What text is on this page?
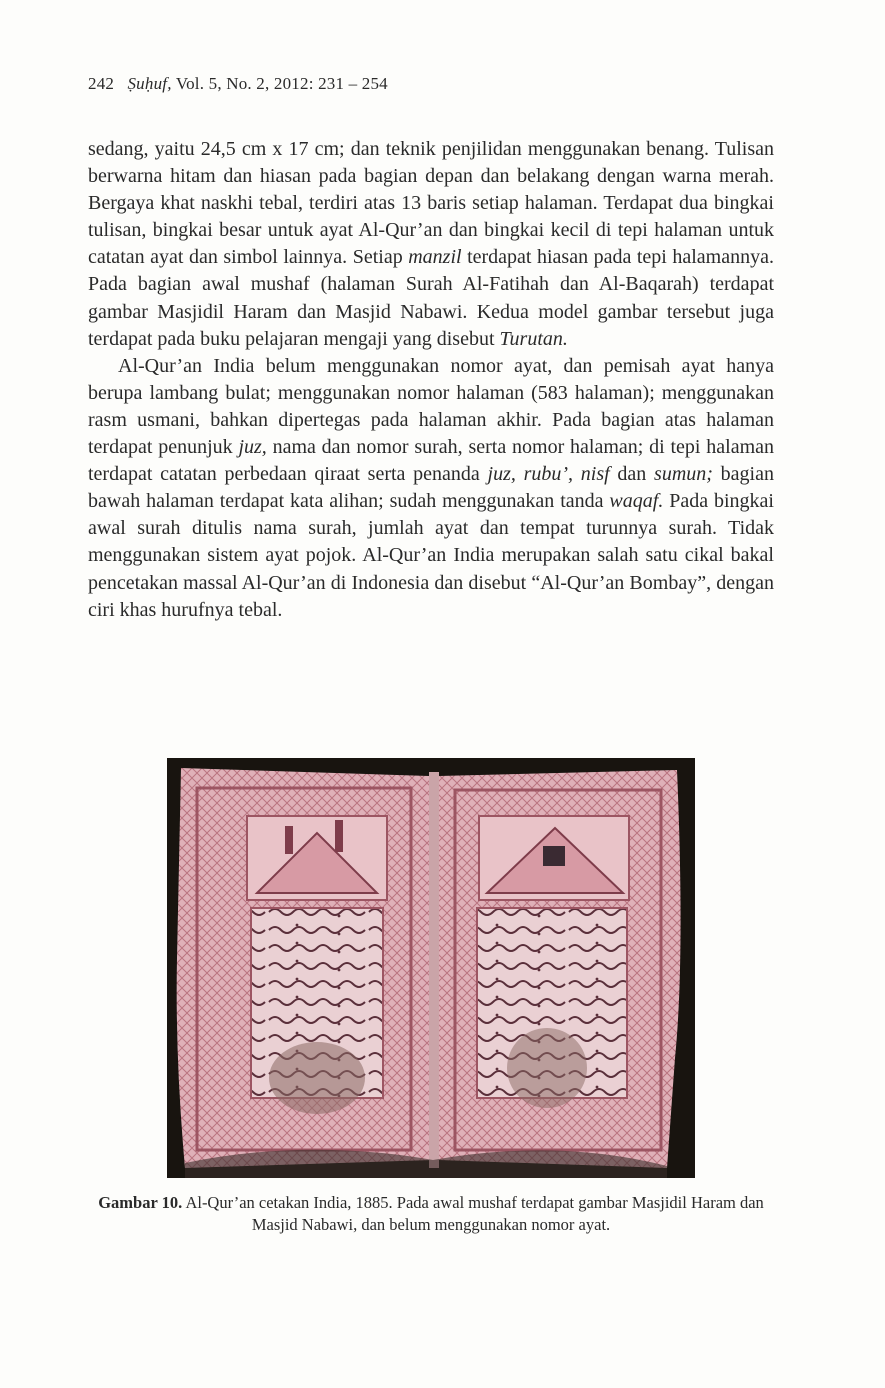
242 Ṣuḥuf, Vol. 5, No. 2, 2012: 231 – 254

sedang, yaitu 24,5 cm x 17 cm; dan teknik penjilidan menggunakan benang. Tulisan berwarna hitam dan hiasan pada bagian depan dan belakang dengan warna merah. Bergaya khat naskhi tebal, terdiri atas 13 baris setiap halaman. Terdapat dua bingkai tulisan, bingkai besar untuk ayat Al-Qur’an dan bingkai kecil di tepi halaman untuk catatan ayat dan simbol lainnya. Setiap manzil terdapat hiasan pada tepi halamannya. Pada bagian awal mushaf (halaman Surah Al-Fatihah dan Al-Baqarah) terdapat gambar Masjidil Haram dan Masjid Nabawi. Kedua model gambar tersebut juga terdapat pada buku pelajaran mengaji yang disebut Turutan.

Al-Qur’an India belum menggunakan nomor ayat, dan pemisah ayat hanya berupa lambang bulat; menggunakan nomor halaman (583 halaman); menggunakan rasm usmani, bahkan dipertegas pada halaman akhir. Pada bagian atas halaman terdapat penunjuk juz, nama dan nomor surah, serta nomor halaman; di tepi halaman terdapat catatan perbedaan qiraat serta penanda juz, rubu’, nisf dan sumun; bagian bawah halaman terdapat kata alihan; sudah menggunakan tanda waqaf. Pada bingkai awal surah ditulis nama surah, jumlah ayat dan tempat turunnya surah. Tidak menggunakan sistem ayat pojok. Al-Qur’an India merupakan salah satu cikal bakal pencetakan massal Al-Qur’an di Indonesia dan disebut “Al-Qur’an Bombay”, dengan ciri khas hurufnya tebal.

Gambar 10. Al-Qur’an cetakan India, 1885. Pada awal mushaf terdapat gambar Masjidil Haram dan Masjid Nabawi, dan belum menggunakan nomor ayat.
